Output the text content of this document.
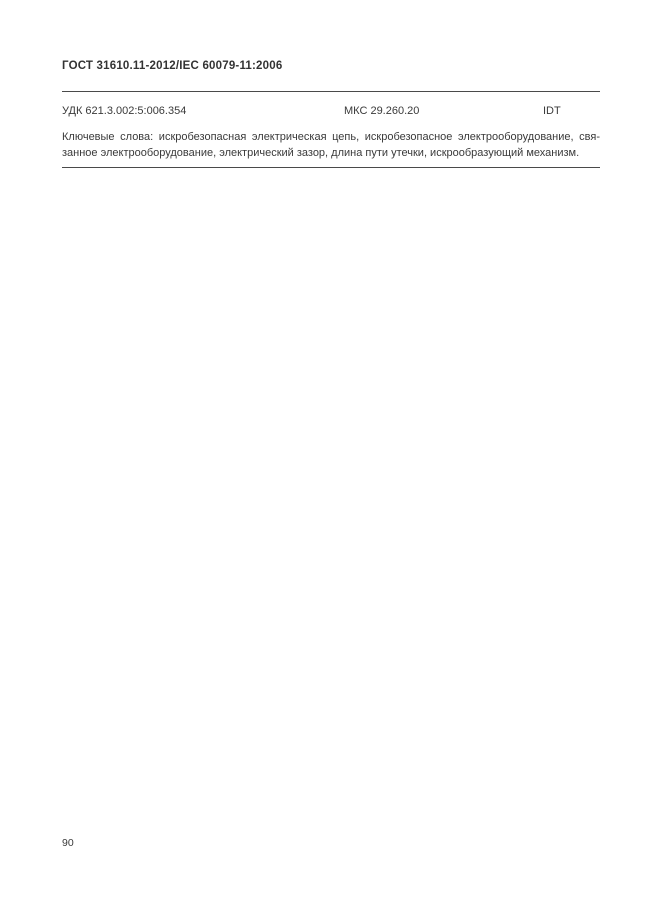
ГОСТ 31610.11-2012/IEC 60079-11:2006
УДК 621.3.002:5:006.354	МКС 29.260.20	IDT
Ключевые слова: искробезопасная электрическая цепь, искробезопасное электрооборудование, свя-
занное электрооборудование, электрический зазор, длина пути утечки, искрообразующий механизм.
90
